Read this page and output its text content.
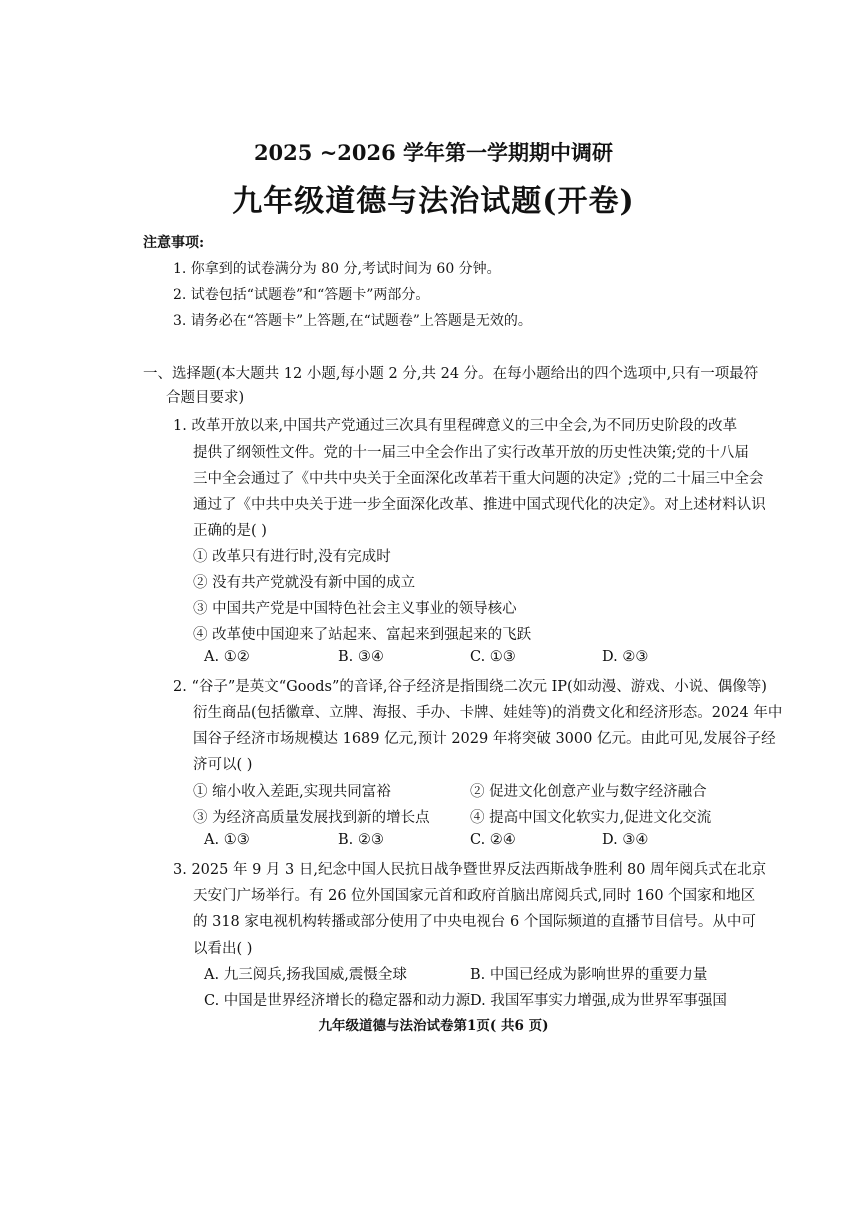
2025 ~2026 学年第一学期期中调研
九年级道德与法治试题(开卷)
注意事项:
1. 你拿到的试卷满分为 80 分,考试时间为 60 分钟。
2. 试卷包括“试题卷”和“答题卡”两部分。
3. 请务必在“答题卡”上答题,在“试题卷”上答题是无效的。
一、选择题(本大题共 12 小题,每小题 2 分,共 24 分。在每小题给出的四个选项中,只有一项最符
合题目要求)
1. 改革开放以来,中国共产党通过三次具有里程碑意义的三中全会,为不同历史阶段的改革
提供了纲领性文件。党的十一届三中全会作出了实行改革开放的历史性决策;党的十八届
三中全会通过了《中共中央关于全面深化改革若干重大问题的决定》;党的二十届三中全会
通过了《中共中央关于进一步全面深化改革、推进中国式现代化的决定》。对上述材料认识
正确的是( )
① 改革只有进行时,没有完成时
② 没有共产党就没有新中国的成立
③ 中国共产党是中国特色社会主义事业的领导核心
④ 改革使中国迎来了站起来、富起来到强起来的飞跃
A. ①②	B. ③④	C. ①③	D. ②③
2. “谷子”是英文“Goods”的音译,谷子经济是指围绕二次元 IP(如动漫、游戏、小说、偶像等)
衍生商品(包括徽章、立牌、海报、手办、卡牌、娃娃等)的消费文化和经济形态。2024 年中
国谷子经济市场规模达 1689 亿元,预计 2029 年将突破 3000 亿元。由此可见,发展谷子经
济可以( )
① 缩小收入差距,实现共同富裕	② 促进文化创意产业与数字经济融合
③ 为经济高质量发展找到新的增长点	④ 提高中国文化软实力,促进文化交流
A. ①③	B. ②③	C. ②④	D. ③④
3. 2025 年 9 月 3 日,纪念中国人民抗日战争暨世界反法西斯战争胜利 80 周年阅兵式在北京
天安门广场举行。有 26 位外国国家元首和政府首脑出席阅兵式,同时 160 个国家和地区
的 318 家电视机构转播或部分使用了中央电视台 6 个国际频道的直播节目信号。从中可
以看出( )
A. 九三阅兵,扬我国威,震慑全球	B. 中国已经成为影响世界的重要力量
C. 中国是世界经济增长的稳定器和动力源 D. 我国军事实力增强,成为世界军事强国
九年级道德与法治试卷第1页( 共6 页)
